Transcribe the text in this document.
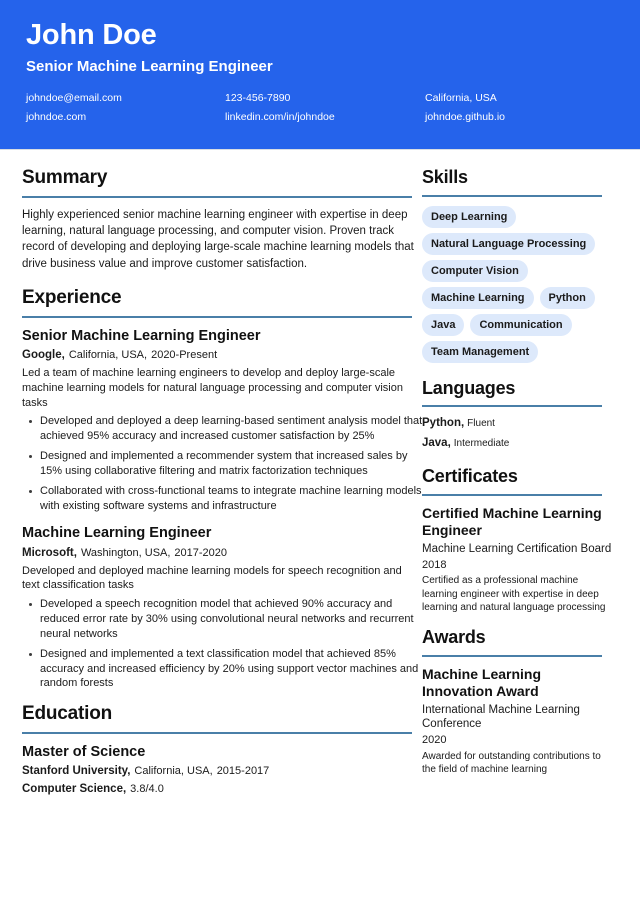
John Doe
Senior Machine Learning Engineer
johndoe@email.com	123-456-7890	California, USA
johndoe.com	linkedin.com/in/johndoe	johndoe.github.io
Summary

Highly experienced senior machine learning engineer with expertise in deep learning, natural language processing, and computer vision. Proven track record of developing and deploying large-scale machine learning models that drive business value and improve customer satisfaction.

Experience
Senior Machine Learning Engineer
Google, California, USA, 2020-Present

Led a team of machine learning engineers to develop and deploy large-scale machine learning models for natural language processing and computer vision tasks

Developed and deployed a deep learning-based sentiment analysis model that achieved 95% accuracy and increased customer satisfaction by 25%
Designed and implemented a recommender system that increased sales by 15% using collaborative filtering and matrix factorization techniques
Collaborated with cross-functional teams to integrate machine learning models with existing software systems and infrastructure
Machine Learning Engineer
Microsoft, Washington, USA, 2017-2020

Developed and deployed machine learning models for speech recognition and text classification tasks

Developed a speech recognition model that achieved 90% accuracy and reduced error rate by 30% using convolutional neural networks and recurrent neural networks
Designed and implemented a text classification model that achieved 85% accuracy and increased efficiency by 20% using support vector machines and random forests
Education
Master of Science
Stanford University, California, USA, 2015-2017
Computer Science, 3.8/4.0
Skills
Deep Learning
Natural Language Processing
Computer Vision
Machine Learning	Python
Java	Communication
Team Management
Languages
Python, Fluent
Java, Intermediate
Certificates
Certified Machine Learning Engineer
Machine Learning Certification Board
2018

Certified as a professional machine learning engineer with expertise in deep learning and natural language processing

Awards
Machine Learning Innovation Award
International Machine Learning Conference
2020

Awarded for outstanding contributions to the field of machine learning
